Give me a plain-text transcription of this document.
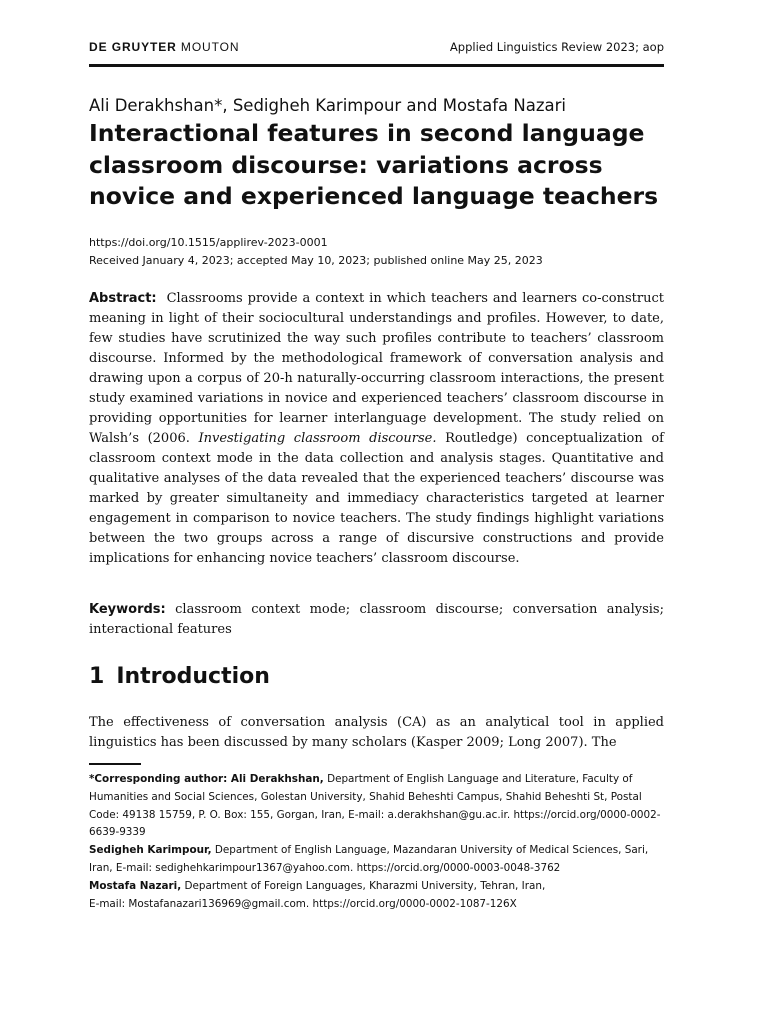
DE GRUYTER MOUTON	Applied Linguistics Review 2023; aop
Ali Derakhshan*, Sedigheh Karimpour and Mostafa Nazari
Interactional features in second language
classroom discourse: variations across
novice and experienced language teachers
https://doi.org/10.1515/applirev-2023-0001
Received January 4, 2023; accepted May 10, 2023; published online May 25, 2023

Abstract: Classrooms provide a context in which teachers and learners co-construct meaning in light of their sociocultural understandings and profiles. However, to date, few studies have scrutinized the way such profiles contribute to teachers’ classroom discourse. Informed by the methodological framework of conversation analysis and drawing upon a corpus of 20-h naturally-occurring classroom interactions, the present study examined variations in novice and experienced teachers’ classroom discourse in providing opportunities for learner interlanguage development. The study relied on Walsh’s (2006. Investigating classroom discourse. Routledge) conceptualization of classroom context mode in the data collection and analysis stages. Quantitative and qualitative analyses of the data revealed that the experienced teachers’ discourse was marked by greater simultaneity and immediacy characteristics targeted at learner engagement in comparison to novice teachers. The study findings highlight variations between the two groups across a range of discursive constructions and provide implications for enhancing novice teachers’ classroom discourse.

Keywords: classroom context mode; classroom discourse; conversation analysis; interactional features

1 Introduction

The effectiveness of conversation analysis (CA) as an analytical tool in applied linguistics has been discussed by many scholars (Kasper 2009; Long 2007). The

*Corresponding author: Ali Derakhshan, Department of English Language and Literature, Faculty of Humanities and Social Sciences, Golestan University, Shahid Beheshti Campus, Shahid Beheshti St, Postal Code: 49138 15759, P. O. Box: 155, Gorgan, Iran, E-mail: a.derakhshan@gu.ac.ir. https://orcid.org/0000-0002-6639-9339

Sedigheh Karimpour, Department of English Language, Mazandaran University of Medical Sciences, Sari, Iran, E-mail: sedighehkarimpour1367@yahoo.com. https://orcid.org/0000-0003-0048-3762

Mostafa Nazari, Department of Foreign Languages, Kharazmi University, Tehran, Iran,
E-mail: Mostafanazari136969@gmail.com. https://orcid.org/0000-0002-1087-126X
